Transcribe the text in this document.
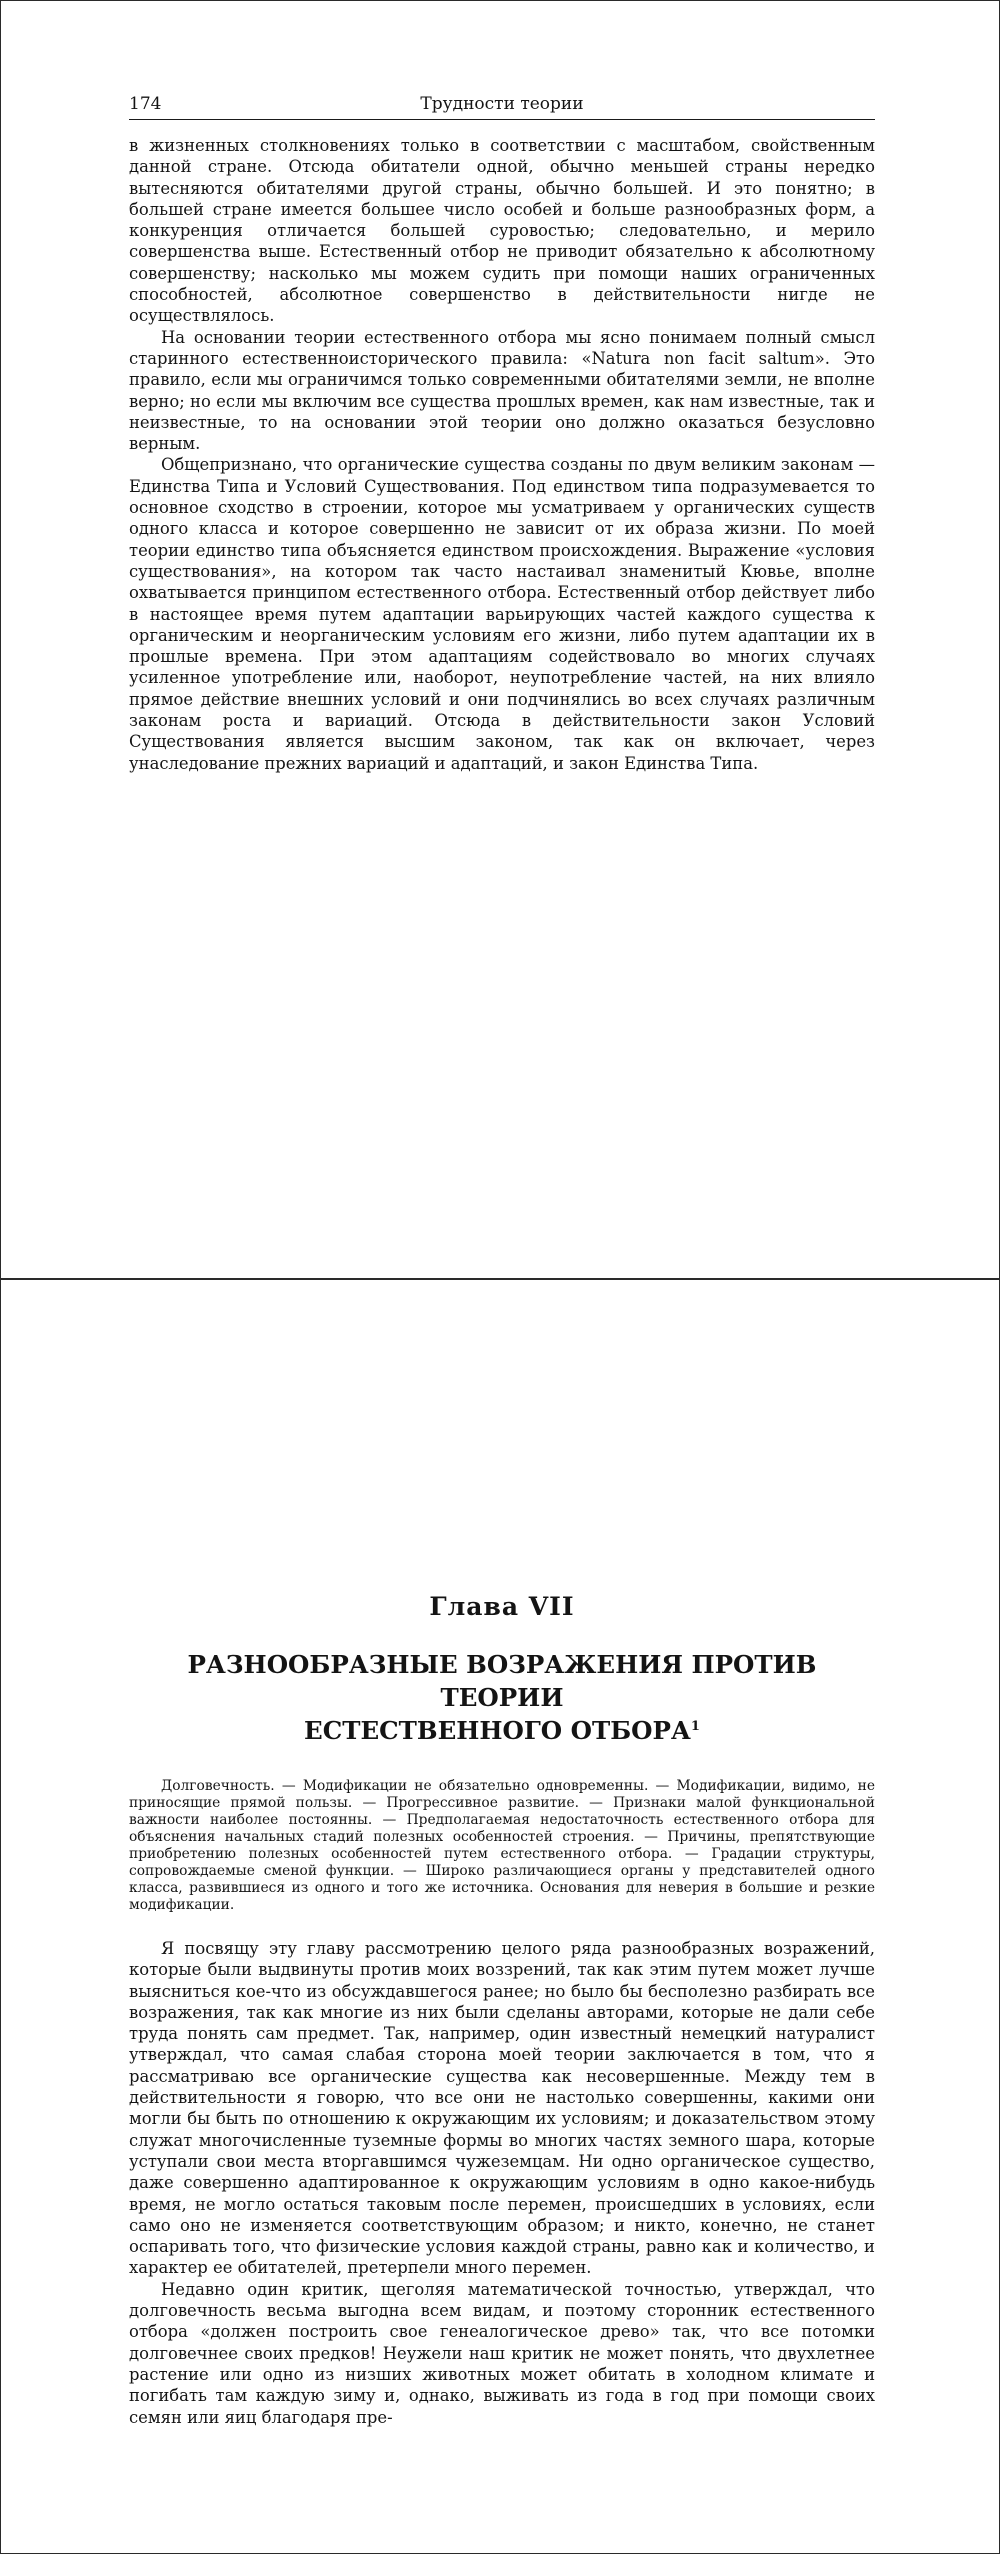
174	Трудности теории

в жизненных столкновениях только в соответствии с масштабом, свойственным данной стране. Отсюда обитатели одной, обычно меньшей страны нередко вытесняются обитателями другой страны, обычно большей. И это понятно; в большей стране имеется большее число особей и больше разнообразных форм, а конкуренция отличается большей суровостью; следовательно, и мерило совершенства выше. Естественный отбор не приводит обязательно к абсолютному совершенству; насколько мы можем судить при помощи наших ограниченных способностей, абсолютное совершенство в действительности нигде не осуществлялось.

На основании теории естественного отбора мы ясно понимаем полный смысл старинного естественноисторического правила: «Natura non facit saltum». Это правило, если мы ограничимся только современными обитателями земли, не вполне верно; но если мы включим все существа прошлых времен, как нам известные, так и неизвестные, то на основании этой теории оно должно оказаться безусловно верным.

Общепризнано, что органические существа созданы по двум великим законам — Единства Типа и Условий Существования. Под единством типа подразумевается то основное сходство в строении, которое мы усматриваем у органических существ одного класса и которое совершенно не зависит от их образа жизни. По моей теории единство типа объясняется единством происхождения. Выражение «условия существования», на котором так часто настаивал знаменитый Кювье, вполне охватывается принципом естественного отбора. Естественный отбор действует либо в настоящее время путем адаптации варьирующих частей каждого существа к органическим и неорганическим условиям его жизни, либо путем адаптации их в прошлые времена. При этом адаптациям содействовало во многих случаях усиленное употребление или, наоборот, неупотребление частей, на них влияло прямое действие внешних условий и они подчинялись во всех случаях различным законам роста и вариаций. Отсюда в действительности закон Условий Существования является высшим законом, так как он включает, через унаследование прежних вариаций и адаптаций, и закон Единства Типа.

Глава VII
РАЗНООБРАЗНЫЕ ВОЗРАЖЕНИЯ ПРОТИВ ТЕОРИИ
ЕСТЕСТВЕННОГО ОТБОРА$^1$

Долговечность. — Модификации не обязательно одновременны. — Модификации, видимо, не приносящие прямой пользы. — Прогрессивное развитие. — Признаки малой функциональной важности наиболее постоянны. — Предполагаемая недостаточность естественного отбора для объяснения начальных стадий полезных особенностей строения. — Причины, препятствующие приобретению полезных особенностей путем естественного отбора. — Градации структуры, сопровождаемые сменой функции. — Широко различающиеся органы у представителей одного класса, развившиеся из одного и того же источника. Основания для неверия в большие и резкие модификации.

Я посвящу эту главу рассмотрению целого ряда разнообразных возражений, которые были выдвинуты против моих воззрений, так как этим путем может лучше выясниться кое-что из обсуждавшегося ранее; но было бы бесполезно разбирать все возражения, так как многие из них были сделаны авторами, которые не дали себе труда понять сам предмет. Так, например, один известный немецкий натуралист утверждал, что самая слабая сторона моей теории заключается в том, что я рассматриваю все органические существа как несовершенные. Между тем в действительности я говорю, что все они не настолько совершенны, какими они могли бы быть по отношению к окружающим их условиям; и доказательством этому служат многочисленные туземные формы во многих частях земного шара, которые уступали свои места вторгавшимся чужеземцам. Ни одно органическое существо, даже совершенно адаптированное к окружающим условиям в одно какое-нибудь время, не могло остаться таковым после перемен, происшедших в условиях, если само оно не изменяется соответствующим образом; и никто, конечно, не станет оспаривать того, что физические условия каждой страны, равно как и количество, и характер ее обитателей, претерпели много перемен.

Недавно один критик, щеголяя математической точностью, утверждал, что долговечность весьма выгодна всем видам, и поэтому сторонник естественного отбора «должен построить свое генеалогическое древо» так, что все потомки долговечнее своих предков! Неужели наш критик не может понять, что двухлетнее растение или одно из низших животных может обитать в холодном климате и погибать там каждую зиму и, однако, выживать из года в год при помощи своих семян или яиц благодаря пре-
